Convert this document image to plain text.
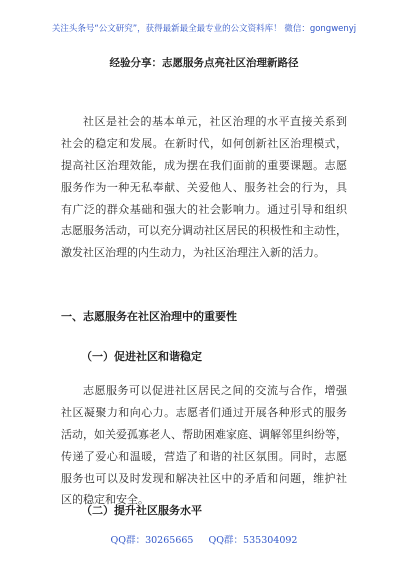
关注头条号“公文研究”，获得最新最全最专业的公文资料库！ 微信：gongwenyj
经验分享：志愿服务点亮社区治理新路径
社区是社会的基本单元，社区治理的水平直接关系到
社会的稳定和发展。在新时代，如何创新社区治理模式，
提高社区治理效能，成为摆在我们面前的重要课题。志愿
服务作为一种无私奉献、关爱他人、服务社会的行为，具
有广泛的群众基础和强大的社会影响力。通过引导和组织
志愿服务活动，可以充分调动社区居民的积极性和主动性，
激发社区治理的内生动力，为社区治理注入新的活力。
一、志愿服务在社区治理中的重要性
（一）促进社区和谐稳定
志愿服务可以促进社区居民之间的交流与合作，增强
社区凝聚力和向心力。志愿者们通过开展各种形式的服务
活动，如关爱孤寡老人、帮助困难家庭、调解邻里纠纷等，
传递了爱心和温暖，营造了和谐的社区氛围。同时，志愿
服务也可以及时发现和解决社区中的矛盾和问题，维护社
区的稳定和安全。
（二）提升社区服务水平
QQ群：30265665 QQ群：535304092
